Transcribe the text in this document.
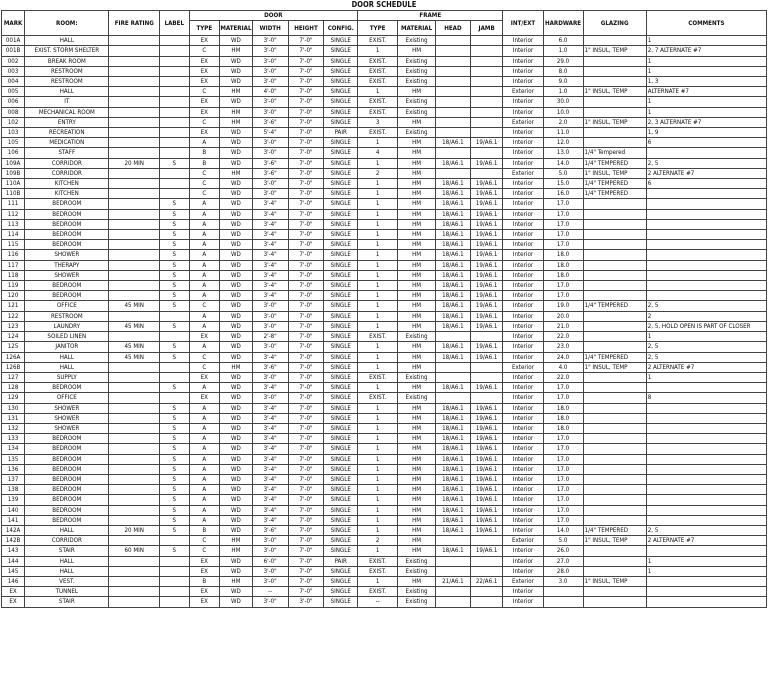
DOOR SCHEDULE
MARK	ROOM:	FIRE RATING	LABEL	DOOR					FRAME				INT/EXT	HARDWARE	GLAZING	COMMENTS
				TYPE	MATERIAL	WIDTH	HEIGHT	CONFIG.	TYPE	MATERIAL	HEAD	JAMB				
001A	HALL			EX	WD	3'-0"	7'-0"	SINGLE	EXIST.	Existing			Interior	6.0		1
001B	EXIST. STORM SHELTER			C	HM	3'-0"	7'-0"	SINGLE	1	HM			Interior	1.0	1" INSUL, TEMP	2, 7 ALTERNATE #7
002	BREAK ROOM			EX	WD	3'-0"	7'-0"	SINGLE	EXIST.	Existing			Interior	29.0		1
003	RESTROOM			EX	WD	3'-0"	7'-0"	SINGLE	EXIST.	Existing			Interior	8.0		1
004	RESTROOM			EX	WD	3'-0"	7'-0"	SINGLE	EXIST.	Existing			Interior	9.0		1, 3
005	HALL			C	HM	4'-0"	7'-0"	SINGLE	1	HM			Exterior	1.0	1" INSUL, TEMP	ALTERNATE #7
006	IT			EX	WD	3'-0"	7'-0"	SINGLE	EXIST.	Existing			Interior	30.0		1
008	MECHANICAL ROOM			EX	HM	3'-0"	7'-0"	SINGLE	EXIST.	Existing			Interior	10.0		1
102	ENTRY			C	HM	3'-6"	7'-0"	SINGLE	3	HM			Exterior	2.0	1" INSUL, TEMP	2, 3 ALTERNATE #7
103	RECREATION			EX	WD	5'-4"	7'-0"	PAIR	EXIST.	Existing			Interior	11.0		1, 9
105	MEDICATION			A	WD	3'-0"	7'-0"	SINGLE	1	HM	18/A6.1	19/A6.1	Interior	12.0		6
106	STAFF			B	WD	3'-0"	7'-0"	SINGLE	4	HM			Interior	13.0	1/4" Tempered	
109A	CORRIDOR	20 MIN	S	B	WD	3'-6"	7'-0"	SINGLE	1	HM	18/A6.1	19/A6.1	Interior	14.0	1/4" TEMPERED	2, 5
109B	CORRIDOR			C	HM	3'-6"	7'-0"	SINGLE	2	HM			Exterior	5.0	1" INSUL, TEMP	2 ALTERNATE #7
110A	KITCHEN			C	WD	3'-0"	7'-0"	SINGLE	1	HM	18/A6.1	19/A6.1	Interior	15.0	1/4" TEMPERED	6
110B	KITCHEN			C	WD	3'-0"	7'-0"	SINGLE	1	HM	18/A6.1	19/A6.1	Interior	16.0	1/4" TEMPERED	
111	BEDROOM		S	A	WD	3'-4"	7'-0"	SINGLE	1	HM	18/A6.1	19/A6.1	Interior	17.0		
112	BEDROOM		S	A	WD	3'-4"	7'-0"	SINGLE	1	HM	18/A6.1	19/A6.1	Interior	17.0		
113	BEDROOM		S	A	WD	3'-4"	7'-0"	SINGLE	1	HM	18/A6.1	19/A6.1	Interior	17.0		
114	BEDROOM		S	A	WD	3'-4"	7'-0"	SINGLE	1	HM	18/A6.1	19/A6.1	Interior	17.0		
115	BEDROOM		S	A	WD	3'-4"	7'-0"	SINGLE	1	HM	18/A6.1	19/A6.1	Interior	17.0		
116	SHOWER		S	A	WD	3'-4"	7'-0"	SINGLE	1	HM	18/A6.1	19/A6.1	Interior	18.0		
117	THERAPY		S	A	WD	3'-4"	7'-0"	SINGLE	1	HM	18/A6.1	19/A6.1	Interior	18.0		
118	SHOWER		S	A	WD	3'-4"	7'-0"	SINGLE	1	HM	18/A6.1	19/A6.1	Interior	18.0		
119	BEDROOM		S	A	WD	3'-4"	7'-0"	SINGLE	1	HM	18/A6.1	19/A6.1	Interior	17.0		
120	BEDROOM		S	A	WD	3'-4"	7'-0"	SINGLE	1	HM	18/A6.1	19/A6.1	Interior	17.0		
121	OFFICE	45 MIN	S	C	WD	3'-0"	7'-0"	SINGLE	1	HM	18/A6.1	19/A6.1	Interior	19.0	1/4" TEMPERED	2, 5
122	RESTROOM			A	WD	3'-0"	7'-0"	SINGLE	1	HM	18/A6.1	19/A6.1	Interior	20.0		2
123	LAUNDRY	45 MIN	S	A	WD	3'-0"	7'-0"	SINGLE	1	HM	18/A6.1	19/A6.1	Interior	21.0		2, 5, HOLD OPEN IS PART OF CLOSER
124	SOILED LINEN			EX	WD	2'-8"	7'-0"	SINGLE	EXIST.	Existing			Interior	22.0		1
125	JANITOR	45 MIN	S	A	WD	3'-0"	7'-0"	SINGLE	1	HM	18/A6.1	19/A6.1	Interior	23.0		2, 5
126A	HALL	45 MIN	S	C	WD	3'-4"	7'-0"	SINGLE	1	HM	18/A6.1	19/A6.1	Interior	24.0	1/4" TEMPERED	2, 5
126B	HALL			C	HM	3'-6"	7'-0"	SINGLE	1	HM			Exterior	4.0	1" INSUL, TEMP	2 ALTERNATE #7
127	SUPPLY			EX	WD	3'-0"	7'-0"	SINGLE	EXIST.	Existing			Interior	22.0		1
128	BEDROOM		S	A	WD	3'-4"	7'-0"	SINGLE	1	HM	18/A6.1	19/A6.1	Interior	17.0		
129	OFFICE			EX	WD	3'-0"	7'-0"	SINGLE	EXIST.	Existing			Interior	17.0		8
130	SHOWER		S	A	WD	3'-4"	7'-0"	SINGLE	1	HM	18/A6.1	19/A6.1	Interior	18.0		
131	SHOWER		S	A	WD	3'-4"	7'-0"	SINGLE	1	HM	18/A6.1	19/A6.1	Interior	18.0		
132	SHOWER		S	A	WD	3'-4"	7'-0"	SINGLE	1	HM	18/A6.1	19/A6.1	Interior	18.0		
133	BEDROOM		S	A	WD	3'-4"	7'-0"	SINGLE	1	HM	18/A6.1	19/A6.1	Interior	17.0		
134	BEDROOM		S	A	WD	3'-4"	7'-0"	SINGLE	1	HM	18/A6.1	19/A6.1	Interior	17.0		
135	BEDROOM		S	A	WD	3'-4"	7'-0"	SINGLE	1	HM	18/A6.1	19/A6.1	Interior	17.0		
136	BEDROOM		S	A	WD	3'-4"	7'-0"	SINGLE	1	HM	18/A6.1	19/A6.1	Interior	17.0		
137	BEDROOM		S	A	WD	3'-4"	7'-0"	SINGLE	1	HM	18/A6.1	19/A6.1	Interior	17.0		
138	BEDROOM		S	A	WD	3'-4"	7'-0"	SINGLE	1	HM	18/A6.1	19/A6.1	Interior	17.0		
139	BEDROOM		S	A	WD	3'-4"	7'-0"	SINGLE	1	HM	18/A6.1	19/A6.1	Interior	17.0		
140	BEDROOM		S	A	WD	3'-4"	7'-0"	SINGLE	1	HM	18/A6.1	19/A6.1	Interior	17.0		
141	BEDROOM		S	A	WD	3'-4"	7'-0"	SINGLE	1	HM	18/A6.1	19/A6.1	Interior	17.0		
142A	HALL	20 MIN	S	B	WD	3'-6"	7'-0"	SINGLE	1	HM	18/A6.1	19/A6.1	Interior	14.0	1/4" TEMPERED	2, 5
142B	CORRIDOR			C	HM	3'-0"	7'-0"	SINGLE	2	HM			Exterior	5.0	1" INSUL, TEMP	2 ALTERNATE #7
143	STAIR	60 MIN	S	C	HM	3'-0"	7'-0"	SINGLE	1	HM	18/A6.1	19/A6.1	Interior	26.0		
144	HALL			EX	WD	6'-0"	7'-0"	PAIR	EXIST.	Existing			Interior	27.0		1
145	HALL			EX	WD	3'-0"	7'-0"	SINGLE	EXIST.	Existing			Interior	28.0		1
146	VEST.			B	HM	3'-0"	7'-0"	SINGLE	1	HM	21/A6.1	22/A6.1	Exterior	3.0	1" INSUL, TEMP	
EX	TUNNEL			EX	WD	--	7'-0"	SINGLE	EXIST.	Existing			Interior			
EX	STAIR			EX	WD	3'-0"	3'-0"	SINGLE	--	Existing			Interior			
